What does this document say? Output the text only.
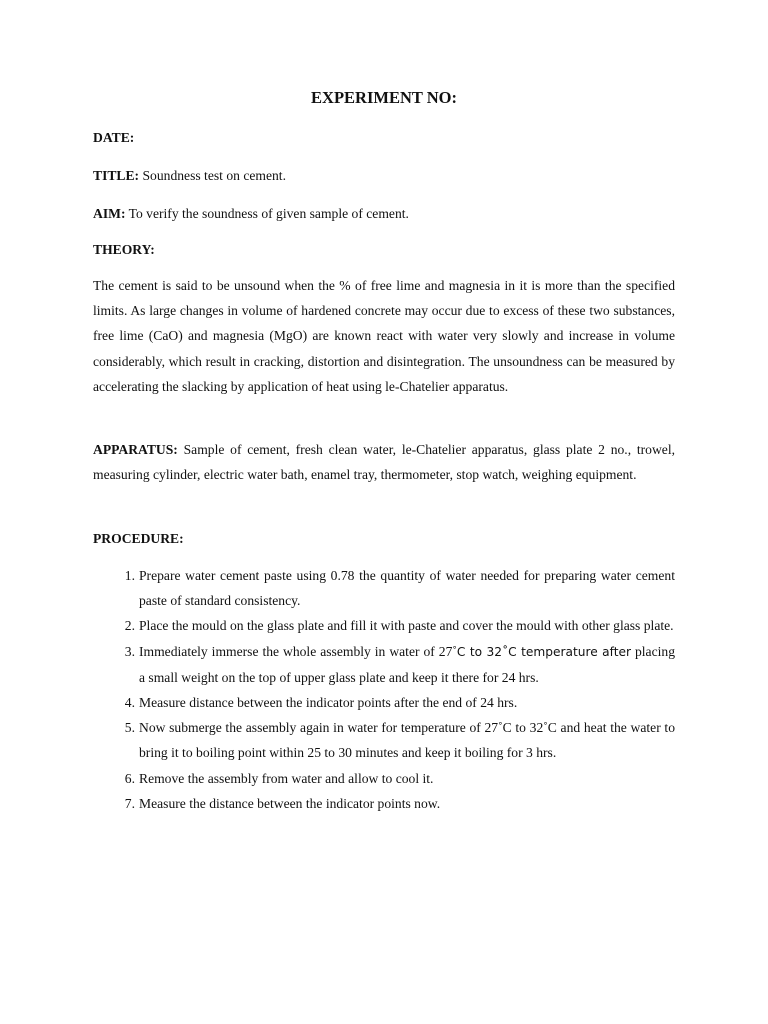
EXPERIMENT NO:
DATE:
TITLE: Soundness test on cement.
AIM: To verify the soundness of given sample of cement.
THEORY:
The cement is said to be unsound when the % of free lime and magnesia in it is more than the specified limits. As large changes in volume of hardened concrete may occur due to excess of these two substances, free lime (CaO) and magnesia (MgO) are known react with water very slowly and increase in volume considerably, which result in cracking, distortion and disintegration. The unsoundness can be measured by accelerating the slacking by application of heat using le-Chatelier apparatus.
APPARATUS: Sample of cement, fresh clean water, le-Chatelier apparatus, glass plate 2 no., trowel, measuring cylinder, electric water bath, enamel tray, thermometer, stop watch, weighing equipment.
PROCEDURE:
1. Prepare water cement paste using 0.78 the quantity of water needed for preparing water cement paste of standard consistency.
2. Place the mould on the glass plate and fill it with paste and cover the mould with other glass plate.
3. Immediately immerse the whole assembly in water of 27˚C to 32˚C temperature after placing a small weight on the top of upper glass plate and keep it there for 24 hrs.
4. Measure distance between the indicator points after the end of 24 hrs.
5. Now submerge the assembly again in water for temperature of 27˚C to 32˚C and heat the water to bring it to boiling point within 25 to 30 minutes and keep it boiling for 3 hrs.
6. Remove the assembly from water and allow to cool it.
7. Measure the distance between the indicator points now.
